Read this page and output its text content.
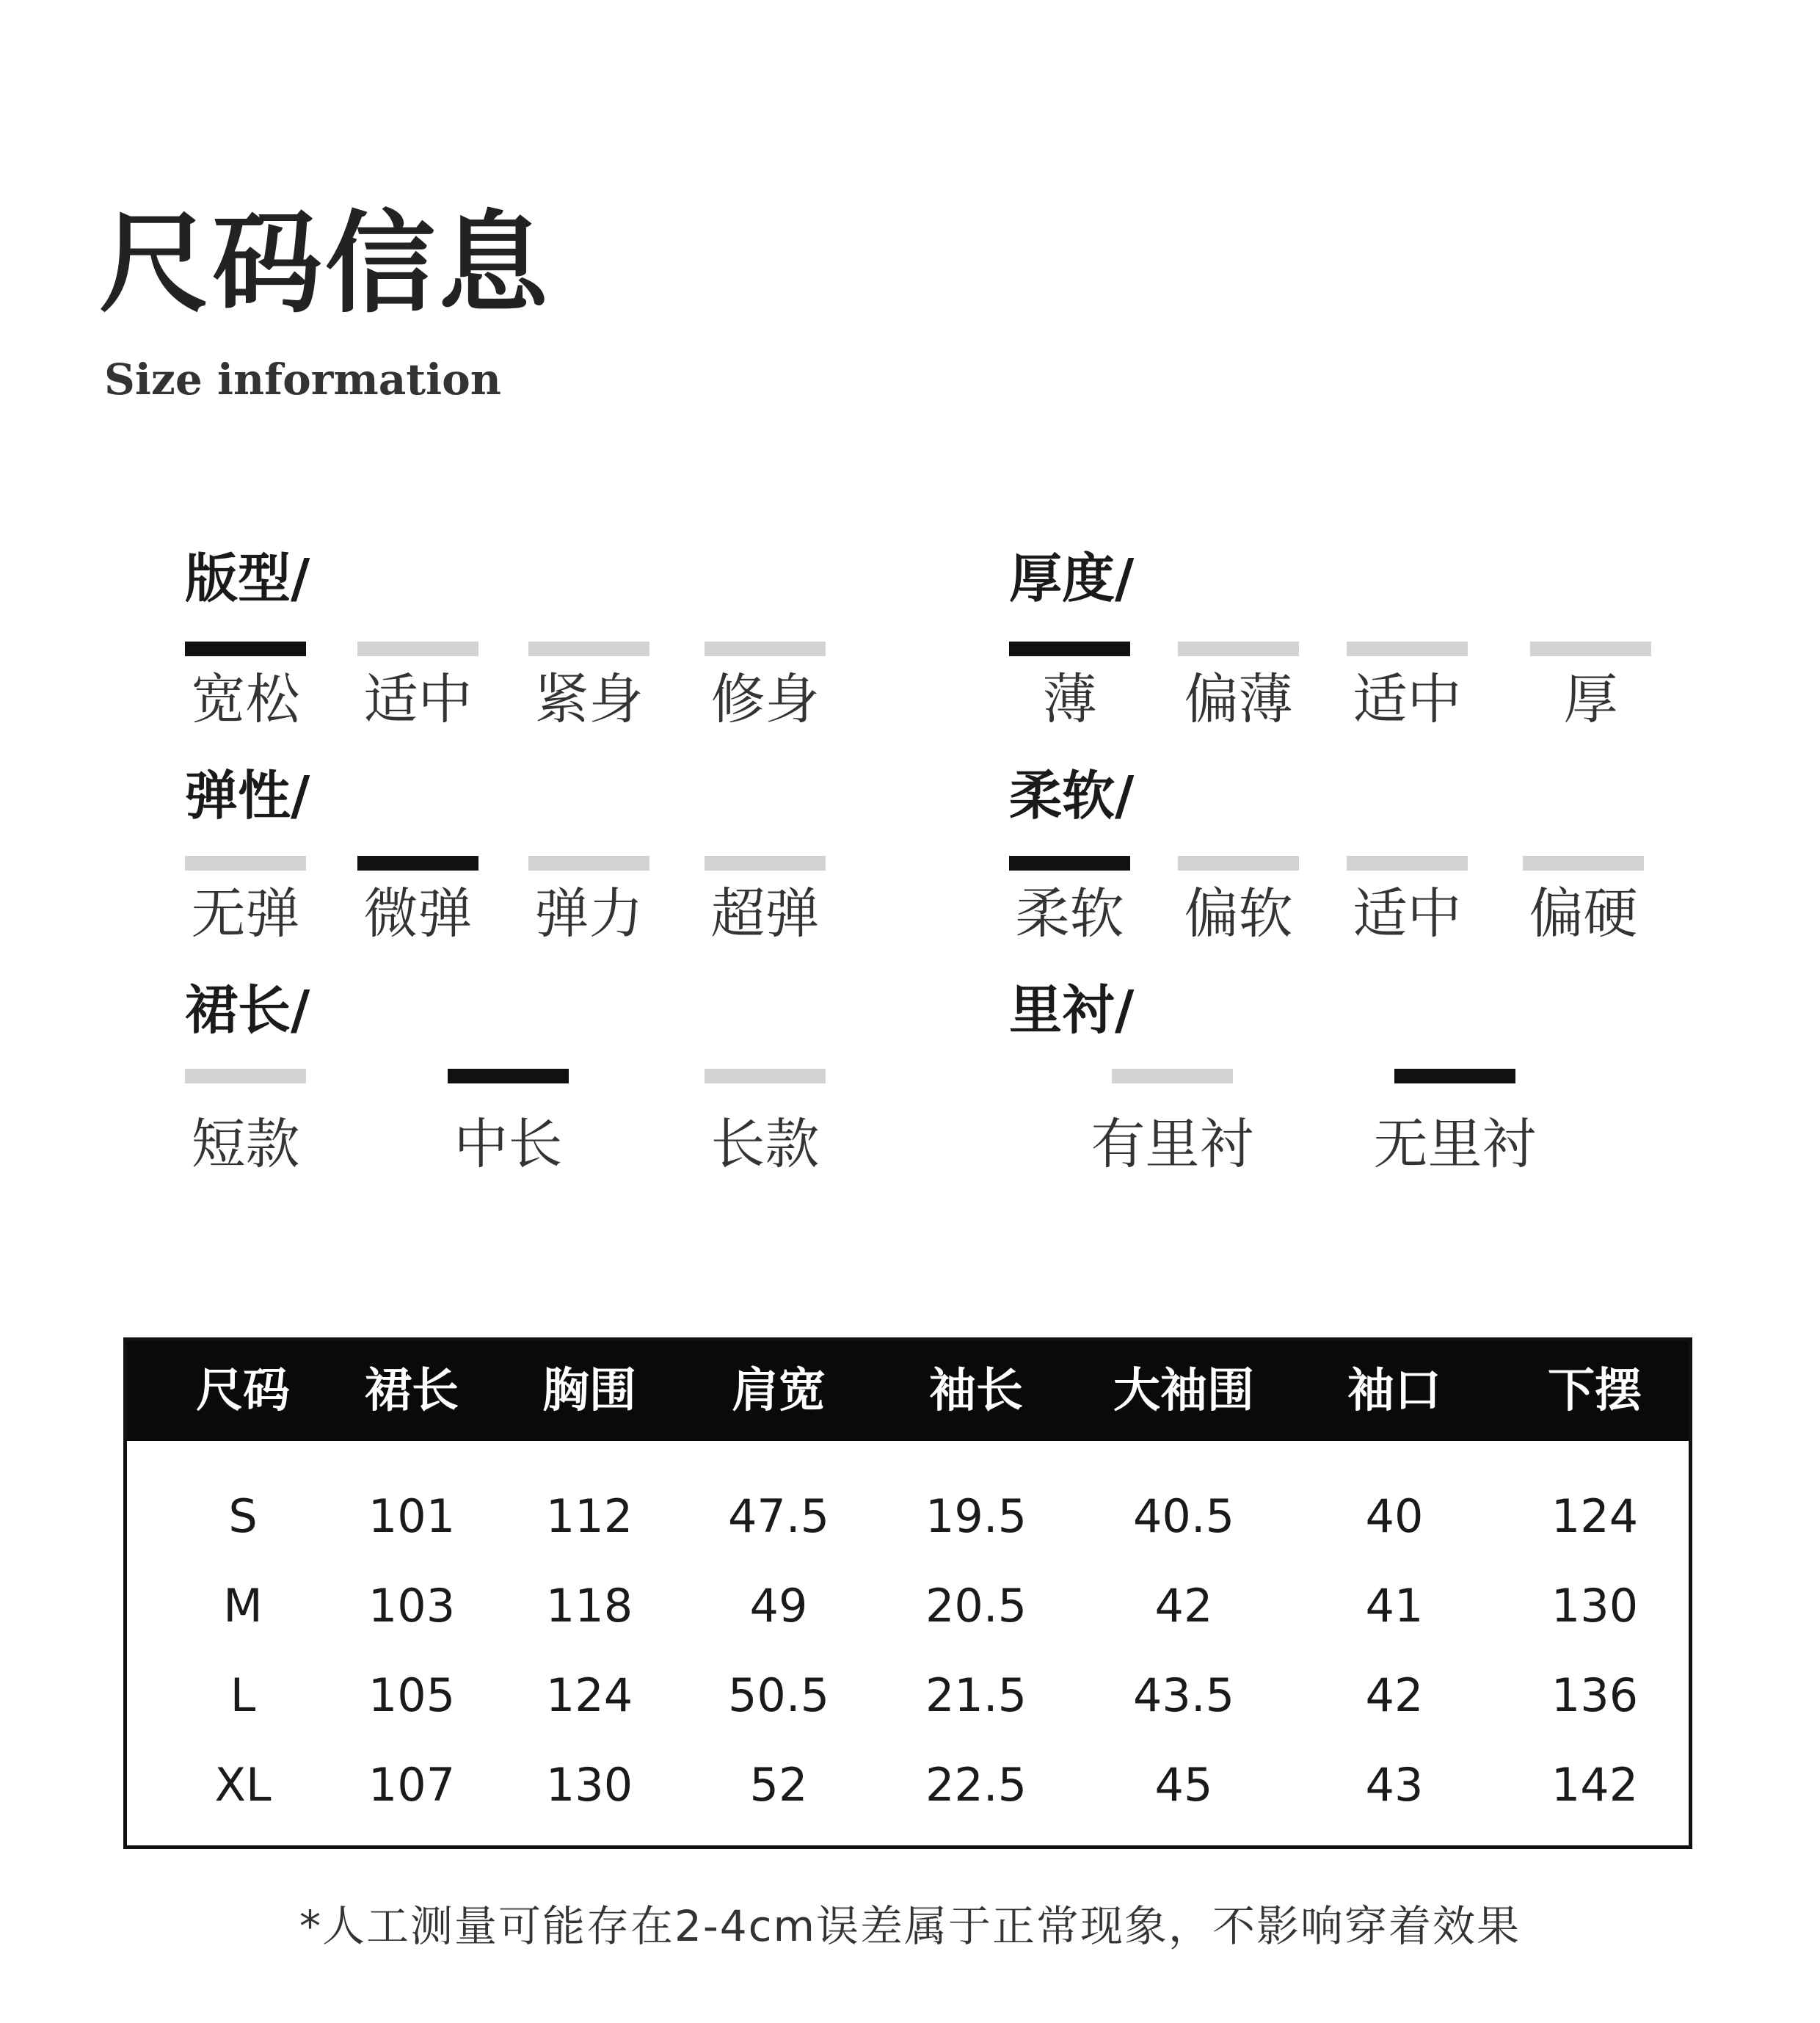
尺码信息
Size information
版型/
宽松	适中	紧身	修身
厚度/
薄	偏薄	适中	厚
弹性/
无弹	微弹	弹力	超弹
柔软/
柔软	偏软	适中	偏硬
裙长/
短款	中长	长款
里衬/
有里衬	无里衬
尺码	裙长	胸围	肩宽	袖长	大袖围	袖口	下摆
S	101	112	47.5	19.5	40.5	40	124
M	103	118	49	20.5	42	41	130
L	105	124	50.5	21.5	43.5	42	136
XL	107	130	52	22.5	45	43	142
*人工测量可能存在2-4cm误差属于正常现象，不影响穿着效果
